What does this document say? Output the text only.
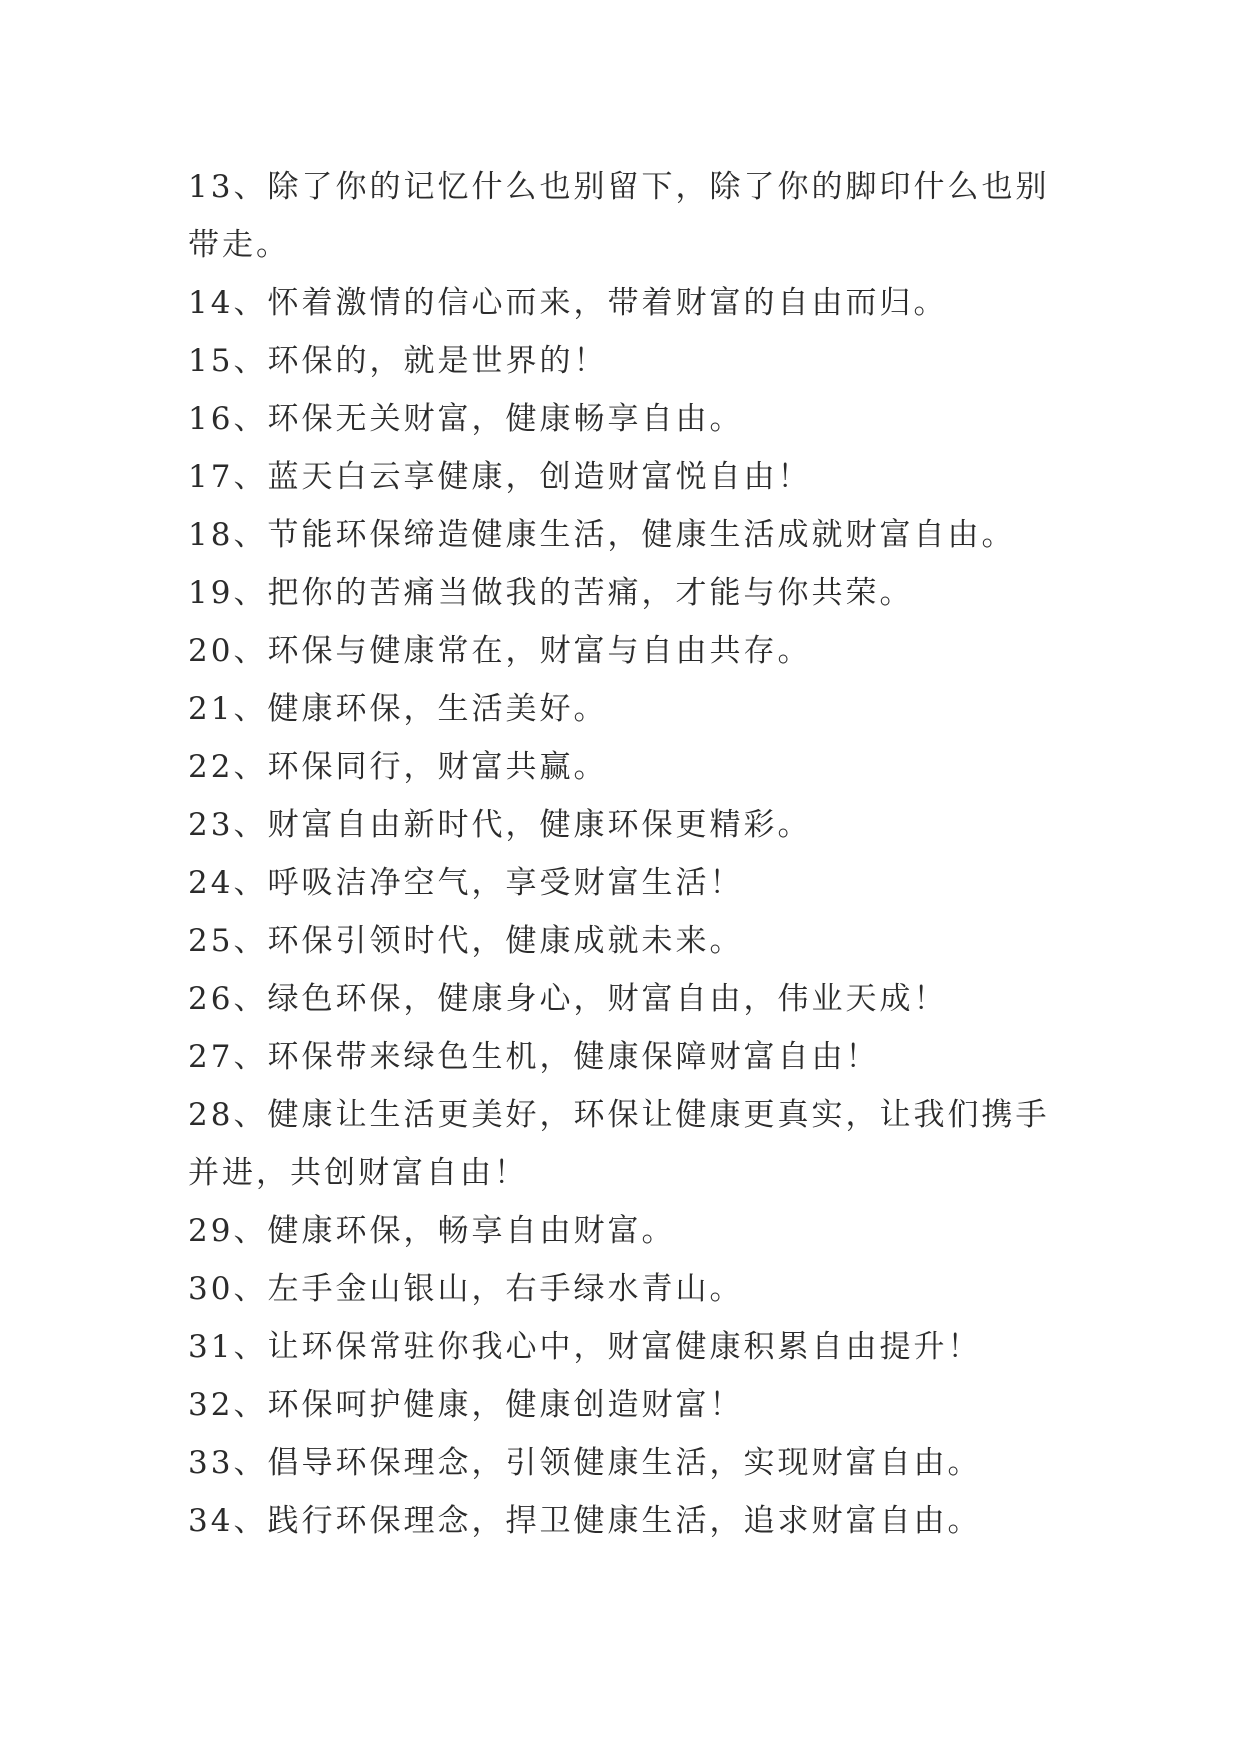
13、除了你的记忆什么也别留下，除了你的脚印什么也别带走。

14、怀着激情的信心而来，带着财富的自由而归。

15、环保的，就是世界的！

16、环保无关财富，健康畅享自由。

17、蓝天白云享健康，创造财富悦自由！

18、节能环保缔造健康生活，健康生活成就财富自由。

19、把你的苦痛当做我的苦痛，才能与你共荣。

20、环保与健康常在，财富与自由共存。

21、健康环保，生活美好。

22、环保同行，财富共赢。

23、财富自由新时代，健康环保更精彩。

24、呼吸洁净空气，享受财富生活！

25、环保引领时代，健康成就未来。

26、绿色环保，健康身心，财富自由，伟业天成！

27、环保带来绿色生机，健康保障财富自由！

28、健康让生活更美好，环保让健康更真实，让我们携手并进，共创财富自由！

29、健康环保，畅享自由财富。

30、左手金山银山，右手绿水青山。

31、让环保常驻你我心中，财富健康积累自由提升！

32、环保呵护健康，健康创造财富！

33、倡导环保理念，引领健康生活，实现财富自由。

34、践行环保理念，捍卫健康生活，追求财富自由。
